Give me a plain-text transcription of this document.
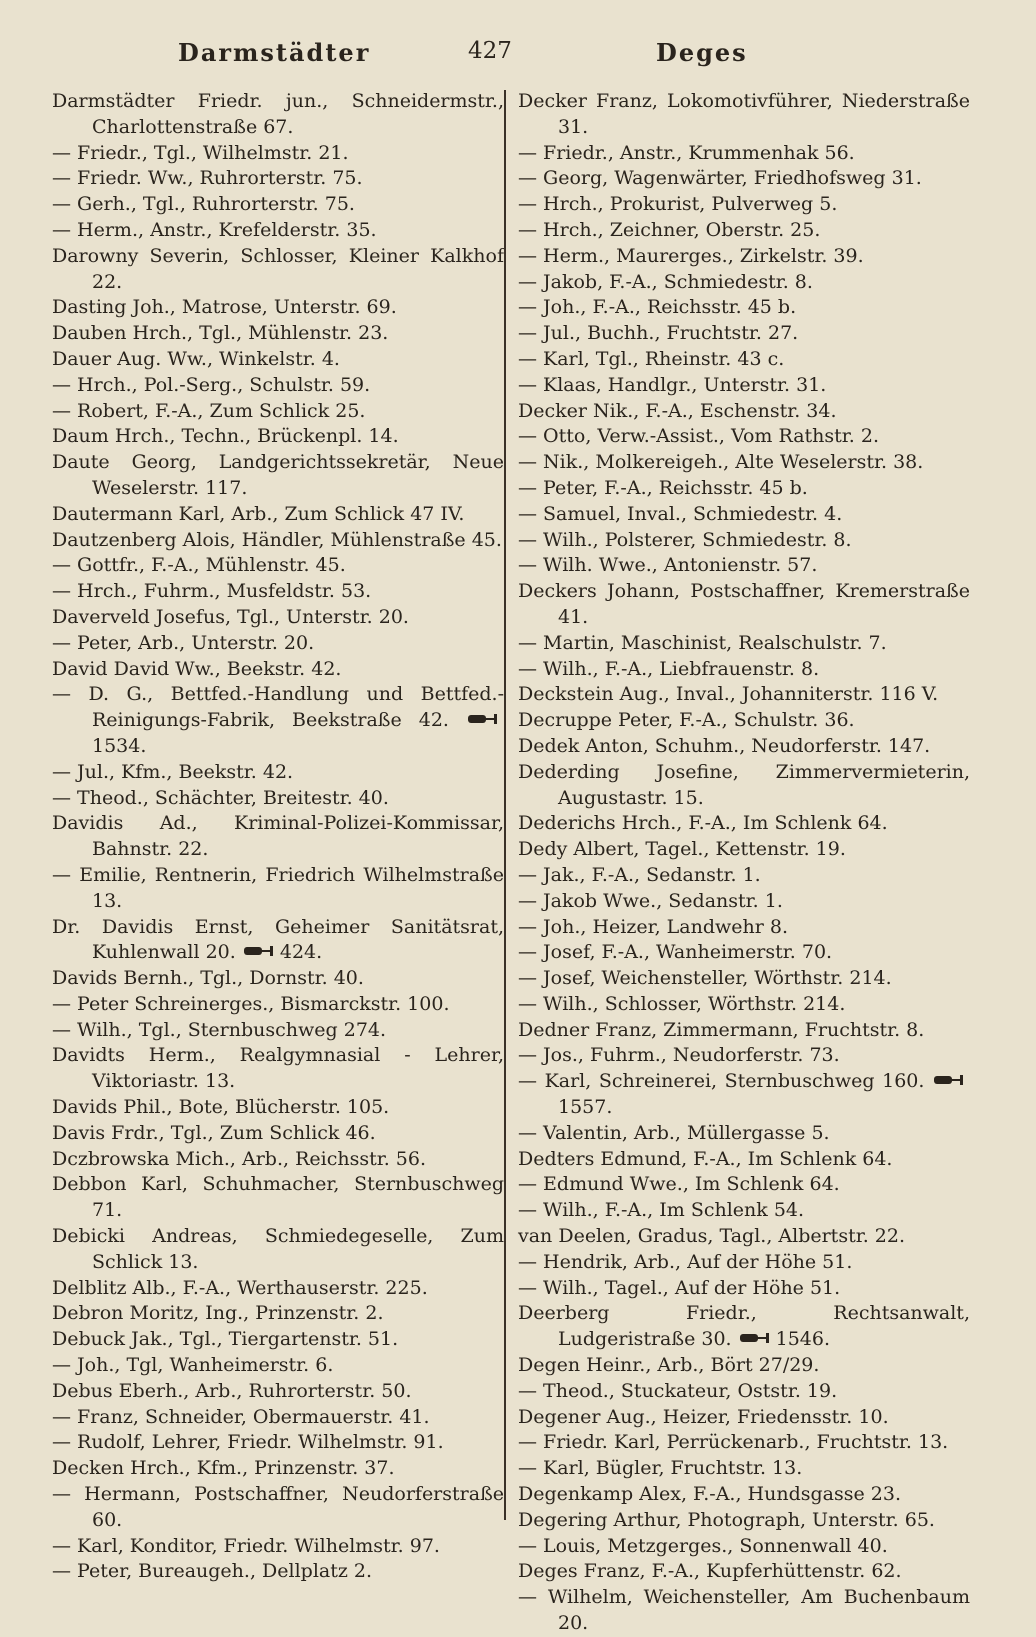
Darmstädter	427	Deges

Darmstädter Friedr. jun., Schneidermstr., Charlottenstraße 67.

— Friedr., Tgl., Wilhelmstr. 21.

— Friedr. Ww., Ruhrorterstr. 75.

— Gerh., Tgl., Ruhrorterstr. 75.

— Herm., Anstr., Krefelderstr. 35.

Darowny Severin, Schlosser, Kleiner Kalkhof 22.

Dasting Joh., Matrose, Unterstr. 69.

Dauben Hrch., Tgl., Mühlenstr. 23.

Dauer Aug. Ww., Winkelstr. 4.

— Hrch., Pol.-Serg., Schulstr. 59.

— Robert, F.-A., Zum Schlick 25.

Daum Hrch., Techn., Brückenpl. 14.

Daute Georg, Landgerichtssekretär, Neue Weselerstr. 117.

Dautermann Karl, Arb., Zum Schlick 47 IV.

Dautzenberg Alois, Händler, Mühlenstraße 45.

— Gottfr., F.-A., Mühlenstr. 45.

— Hrch., Fuhrm., Musfeldstr. 53.

Daverveld Josefus, Tgl., Unterstr. 20.

— Peter, Arb., Unterstr. 20.

David David Ww., Beekstr. 42.

— D. G., Bettfed.-Handlung und Bettfed.-Reinigungs-Fabrik, Beekstraße 42. 1534.

— Jul., Kfm., Beekstr. 42.

— Theod., Schächter, Breitestr. 40.

Davidis Ad., Kriminal-Polizei-Kommissar, Bahnstr. 22.

— Emilie, Rentnerin, Friedrich Wilhelmstraße 13.

Dr. Davidis Ernst, Geheimer Sanitätsrat, Kuhlenwall 20. 424.

Davids Bernh., Tgl., Dornstr. 40.

— Peter Schreinerges., Bismarckstr. 100.

— Wilh., Tgl., Sternbuschweg 274.

Davidts Herm., Realgymnasial - Lehrer, Viktoriastr. 13.

Davids Phil., Bote, Blücherstr. 105.

Davis Frdr., Tgl., Zum Schlick 46.

Dczbrowska Mich., Arb., Reichsstr. 56.

Debbon Karl, Schuhmacher, Sternbuschweg 71.

Debicki Andreas, Schmiedegeselle, Zum Schlick 13.

Delblitz Alb., F.-A., Werthauserstr. 225.

Debron Moritz, Ing., Prinzenstr. 2.

Debuck Jak., Tgl., Tiergartenstr. 51.

— Joh., Tgl, Wanheimerstr. 6.

Debus Eberh., Arb., Ruhrorterstr. 50.

— Franz, Schneider, Obermauerstr. 41.

— Rudolf, Lehrer, Friedr. Wilhelmstr. 91.

Decken Hrch., Kfm., Prinzenstr. 37.

— Hermann, Postschaffner, Neudorferstraße 60.

— Karl, Konditor, Friedr. Wilhelmstr. 97.

— Peter, Bureaugeh., Dellplatz 2.

Decker Franz, Lokomotivführer, Niederstraße 31.

— Friedr., Anstr., Krummenhak 56.

— Georg, Wagenwärter, Friedhofsweg 31.

— Hrch., Prokurist, Pulverweg 5.

— Hrch., Zeichner, Oberstr. 25.

— Herm., Maurerges., Zirkelstr. 39.

— Jakob, F.-A., Schmiedestr. 8.

— Joh., F.-A., Reichsstr. 45 b.

— Jul., Buchh., Fruchtstr. 27.

— Karl, Tgl., Rheinstr. 43 c.

— Klaas, Handlgr., Unterstr. 31.

Decker Nik., F.-A., Eschenstr. 34.

— Otto, Verw.-Assist., Vom Rathstr. 2.

— Nik., Molkereigeh., Alte Weselerstr. 38.

— Peter, F.-A., Reichsstr. 45 b.

— Samuel, Inval., Schmiedestr. 4.

— Wilh., Polsterer, Schmiedestr. 8.

— Wilh. Wwe., Antonienstr. 57.

Deckers Johann, Postschaffner, Kremerstraße 41.

— Martin, Maschinist, Realschulstr. 7.

— Wilh., F.-A., Liebfrauenstr. 8.

Deckstein Aug., Inval., Johanniterstr. 116 V.

Decruppe Peter, F.-A., Schulstr. 36.

Dedek Anton, Schuhm., Neudorferstr. 147.

Dederding Josefine, Zimmervermieterin, Augustastr. 15.

Dederichs Hrch., F.-A., Im Schlenk 64.

Dedy Albert, Tagel., Kettenstr. 19.

— Jak., F.-A., Sedanstr. 1.

— Jakob Wwe., Sedanstr. 1.

— Joh., Heizer, Landwehr 8.

— Josef, F.-A., Wanheimerstr. 70.

— Josef, Weichensteller, Wörthstr. 214.

— Wilh., Schlosser, Wörthstr. 214.

Dedner Franz, Zimmermann, Fruchtstr. 8.

— Jos., Fuhrm., Neudorferstr. 73.

— Karl, Schreinerei, Sternbuschweg 160. 1557.

— Valentin, Arb., Müllergasse 5.

Dedters Edmund, F.-A., Im Schlenk 64.

— Edmund Wwe., Im Schlenk 64.

— Wilh., F.-A., Im Schlenk 54.

van Deelen, Gradus, Tagl., Albertstr. 22.

— Hendrik, Arb., Auf der Höhe 51.

— Wilh., Tagel., Auf der Höhe 51.

Deerberg Friedr., Rechtsanwalt, Ludgeristraße 30. 1546.

Degen Heinr., Arb., Bört 27/29.

— Theod., Stuckateur, Oststr. 19.

Degener Aug., Heizer, Friedensstr. 10.

— Friedr. Karl, Perrückenarb., Fruchtstr. 13.

— Karl, Bügler, Fruchtstr. 13.

Degenkamp Alex, F.-A., Hundsgasse 23.

Degering Arthur, Photograph, Unterstr. 65.

— Louis, Metzgerges., Sonnenwall 40.

Deges Franz, F.-A., Kupferhüttenstr. 62.

— Wilhelm, Weichensteller, Am Buchenbaum 20.
